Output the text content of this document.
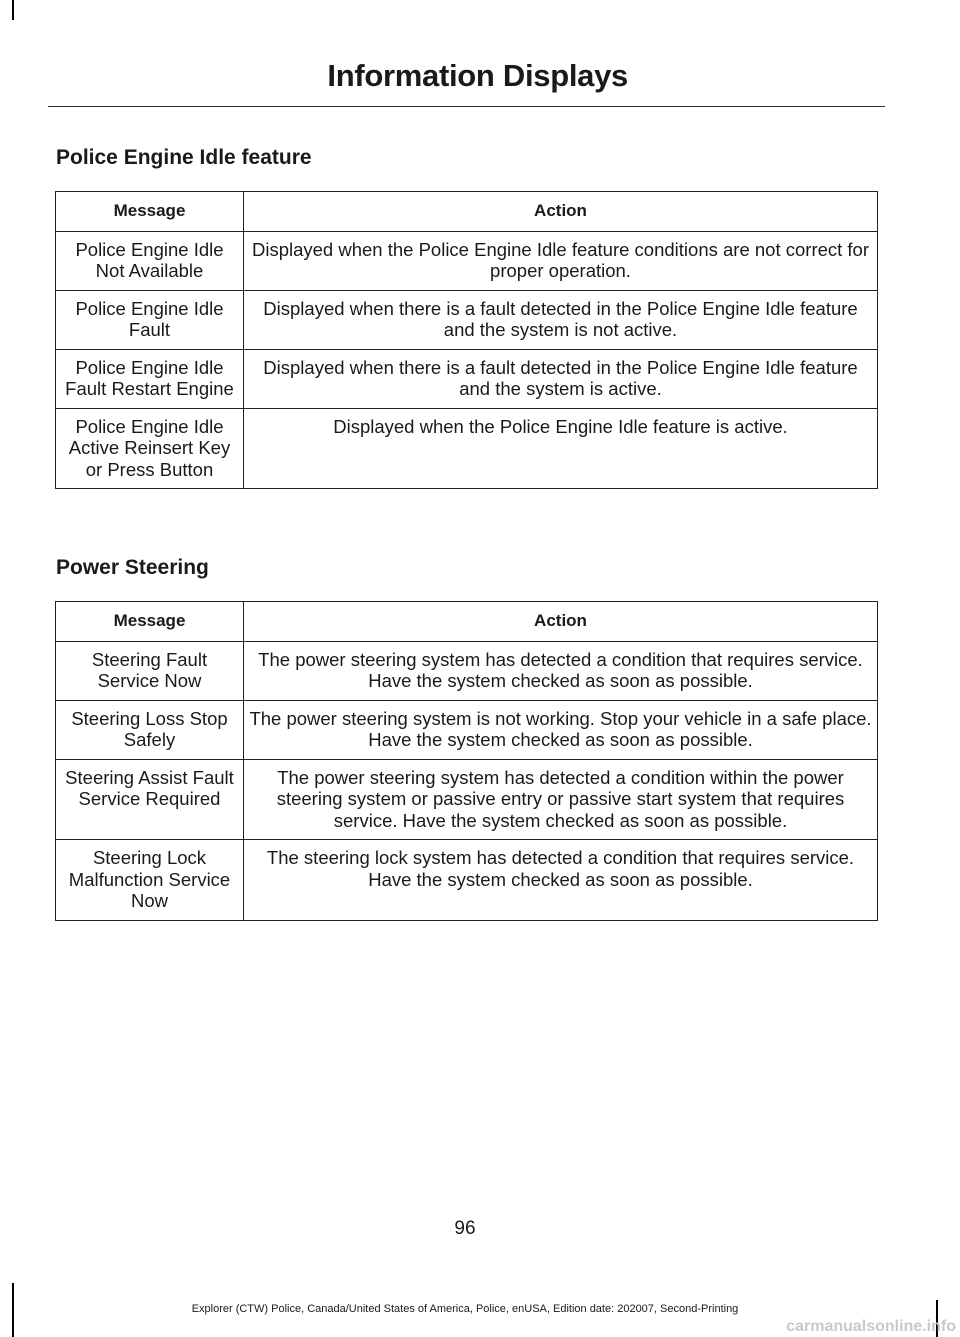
Information Displays
Police Engine Idle feature
Message	Action
Police Engine Idle Not Available	Displayed when the Police Engine Idle feature conditions are not correct for proper operation.
Police Engine Idle Fault	Displayed when there is a fault detected in the Police Engine Idle feature and the system is not active.
Police Engine Idle Fault Restart Engine	Displayed when there is a fault detected in the Police Engine Idle feature and the system is active.
Police Engine Idle Active Reinsert Key or Press Button	Displayed when the Police Engine Idle feature is active.
Power Steering
Message	Action
Steering Fault Service Now	The power steering system has detected a condition that requires service. Have the system checked as soon as possible.
Steering Loss Stop Safely	The power steering system is not working. Stop your vehicle in a safe place. Have the system checked as soon as possible.
Steering Assist Fault Service Required	The power steering system has detected a condition within the power steering system or passive entry or passive start system that requires service. Have the system checked as soon as possible.
Steering Lock Malfunction Service Now	The steering lock system has detected a condition that requires service. Have the system checked as soon as possible.
96
Explorer (CTW) Police, Canada/United States of America, Police, enUSA, Edition date: 202007, Second-Printing
carmanualsonline.info
